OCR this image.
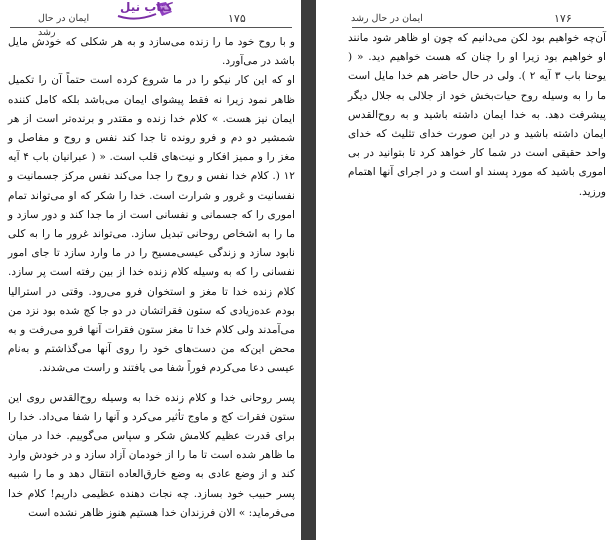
۱۷۵
ایمان در حال رشد
کتاب نیل

و با روح خود ما را زنده می‌سازد و به هر شکلی که خودش مایل باشد در می‌آورد.

او که این کار نیکو را در ما شروع کرده است حتماً آن را تکمیل ظاهر نمود زیرا نه فقط پیشوای ایمان می‌باشد بلکه کامل کننده ایمان نیز هست. » کلام خدا زنده و مقتدر و برنده‌تر است از هر شمشیر دو دم و فرو رونده تا جدا کند نفس و روح و مفاصل و مغز را و ممیز افکار و نیت‌های قلب است. « ( عبرانیان باب ۴ آیه ۱۲ (. کلام خدا نفس و روح را جدا می‌کند نفس مرکز جسمانیت و نفسانیت و غرور و شرارت است. خدا را شکر که او می‌تواند تمام اموری را که جسمانی و نفسانی است از ما جدا کند و دور سازد و ما را به اشخاص روحانی تبدیل سازد. می‌تواند غرور ما را به کلی نابود سازد و زندگی عیسی‌مسیح را در ما وارد سازد تا جای امور نفسانی را که به وسیله کلام زنده خدا از بین رفته است پر سازد. کلام زنده خدا تا مغز و استخوان فرو می‌رود. وقتی در استرالیا بودم عده‌زیادی که ستون فقراتشان در دو جا کج شده بود نزد من می‌آمدند ولی کلام خدا تا مغز ستون فقرات آنها فرو می‌رفت و به محض این‌که من دست‌های خود را روی آنها می‌گذاشتم و به‌نام عیسی دعا می‌کردم فوراً شفا می یافتند و راست می‌شدند.

پسر روحانی خدا و کلام زنده خدا به وسیله روح‌القدس روی این ستون فقرات کج و ماوج تأثیر می‌کرد و آنها را شفا می‌داد. خدا را برای قدرت عظیم کلامش شکر و سپاس می‌گوییم. خدا در میان ما ظاهر شده است تا ما را از خودمان آزاد سازد و در خودش وارد کند و از وضع عادی به وضع خارق‌العاده انتقال دهد و ما را شبیه پسر حبیب خود بسازد. چه نجات دهنده عظیمی داریم! کلام خدا می‌فرماید: » الان فرزندان خدا هستیم هنوز ظاهر نشده است

۱۷۶
ایمان در حال رشد

آن‌چه خواهیم بود لکن می‌دانیم که چون او ظاهر شود مانند او خواهیم بود زیرا او را چنان که هست خواهیم دید. « ( یوحنا باب ۳ آیه ۲ ). ولی در حال حاضر هم خدا مایل است ما را به وسیله روح حیات‌بخش خود از جلالی به جلال دیگر پیشرفت دهد. به خدا ایمان داشته باشید و به روح‌القدس ایمان داشته باشید و در این صورت خدای تثلیث که خدای واحد حقیقی است در شما کار خواهد کرد تا بتوانید در بی اموری باشید که مورد پسند او است و در اجرای آنها اهتمام ورزید.
